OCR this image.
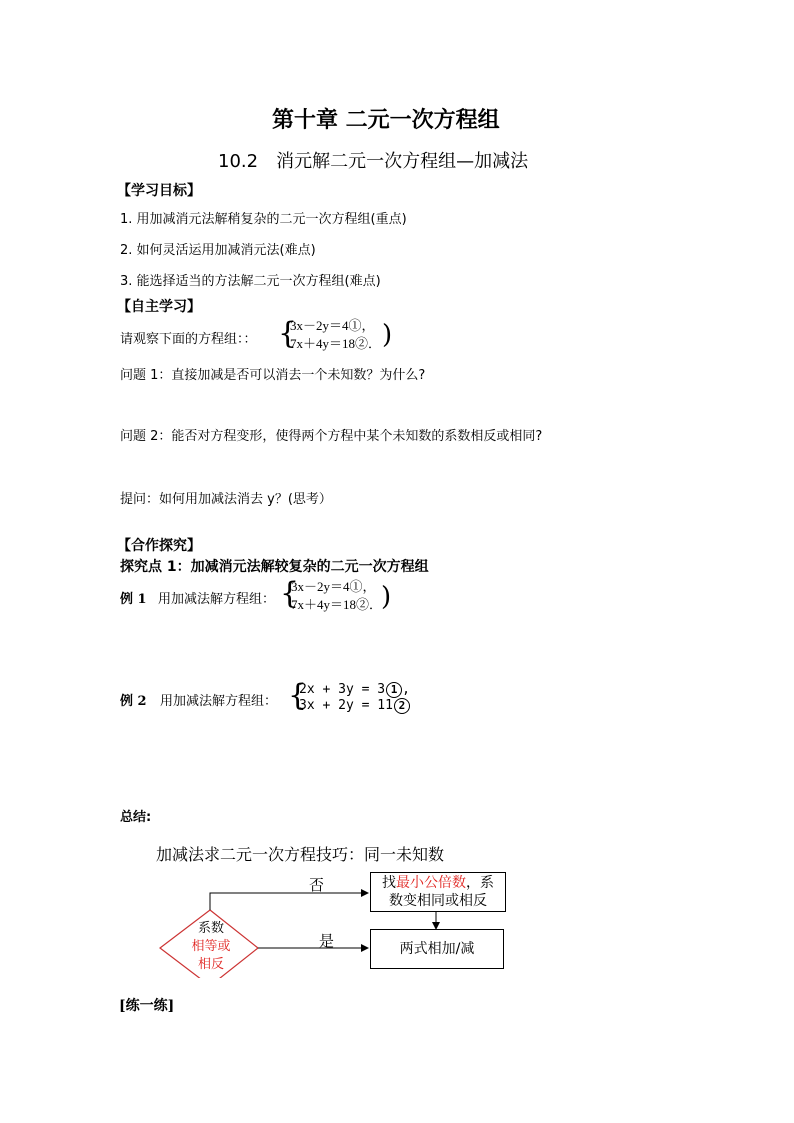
第十章 二元一次方程组
10.2　消元解二元一次方程组—加减法
【学习目标】
1. 用加减消元法解稍复杂的二元一次方程组(重点)
2. 如何灵活运用加减消元法(难点)
3. 能选择适当的方法解二元一次方程组(难点)
【自主学习】
请观察下面的方程组：： {
3x－2y＝4①，
7x＋4y＝18②． )
问题 1：直接加减是否可以消去一个未知数？为什么?
问题 2：能否对方程变形，使得两个方程中某个未知数的系数相反或相同?
提问：如何用加减法消去 y？(思考）
【合作探究】
探究点 1：加减消元法解较复杂的二元一次方程组
例 1 用加减法解方程组： {
3x－2y＝4①，
7x＋4y＝18②．
)
例 2 用加减法解方程组： {
2x + 3y = 3 1 ,
3x + 2y = 11 2
总结:
加减法求二元一次方程技巧：同一未知数
否
是
系数
相等或
相反
找最小公倍数，系
数变相同或相反
两式相加/减
[练一练]
